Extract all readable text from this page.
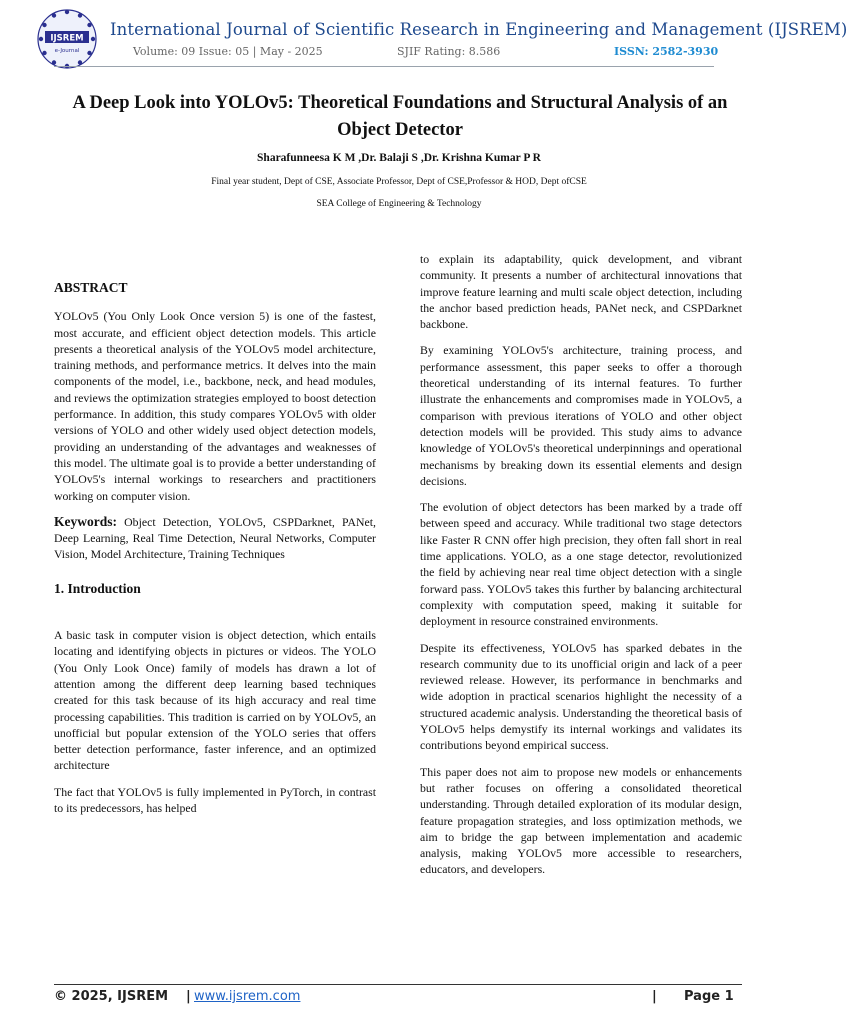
IJSREM
e-Journal
International Journal of Scientific Research in Engineering and Management (IJSREM)
Volume: 09 Issue: 05 | May - 2025	SJIF Rating: 8.586	ISSN: 2582-3930
A Deep Look into YOLOv5: Theoretical Foundations and Structural Analysis of an Object Detector
Sharafunneesa K M ,Dr. Balaji S ,Dr. Krishna Kumar P R
Final year student, Dept of CSE, Associate Professor, Dept of CSE,Professor & HOD, Dept ofCSE
SEA College of Engineering & Technology
ABSTRACT

YOLOv5 (You Only Look Once version 5) is one of the fastest, most accurate, and efficient object detection models. This article presents a theoretical analysis of the YOLOv5 model architecture, training methods, and performance metrics. It delves into the main components of the model, i.e., backbone, neck, and head modules, and reviews the optimization strategies employed to boost detection performance. In addition, this study compares YOLOv5 with older versions of YOLO and other widely used object detection models, providing an understanding of the advantages and weaknesses of this model. The ultimate goal is to provide a better understanding of YOLOv5's internal workings to researchers and practitioners working on computer vision.

Keywords: Object Detection, YOLOv5, CSPDarknet, PANet, Deep Learning, Real Time Detection, Neural Networks, Computer Vision, Model Architecture, Training Techniques

1. Introduction

A basic task in computer vision is object detection, which entails locating and identifying objects in pictures or videos. The YOLO (You Only Look Once) family of models has drawn a lot of attention among the different deep learning based techniques created for this task because of its high accuracy and real time processing capabilities. This tradition is carried on by YOLOv5, an unofficial but popular extension of the YOLO series that offers better detection performance, faster inference, and an optimized architecture

The fact that YOLOv5 is fully implemented in PyTorch, in contrast to its predecessors, has helped

to explain its adaptability, quick development, and vibrant community. It presents a number of architectural innovations that improve feature learning and multi scale object detection, including the anchor based prediction heads, PANet neck, and CSPDarknet backbone.

By examining YOLOv5's architecture, training process, and performance assessment, this paper seeks to offer a thorough theoretical understanding of its internal features. To further illustrate the enhancements and compromises made in YOLOv5, a comparison with previous iterations of YOLO and other object detection models will be provided. This study aims to advance knowledge of YOLOv5's theoretical underpinnings and operational mechanisms by breaking down its essential elements and design decisions.

The evolution of object detectors has been marked by a trade off between speed and accuracy. While traditional two stage detectors like Faster R CNN offer high precision, they often fall short in real time applications. YOLO, as a one stage detector, revolutionized the field by achieving near real time object detection with a single forward pass. YOLOv5 takes this further by balancing architectural complexity with computation speed, making it suitable for deployment in resource constrained environments.

Despite its effectiveness, YOLOv5 has sparked debates in the research community due to its unofficial origin and lack of a peer reviewed release. However, its performance in benchmarks and wide adoption in practical scenarios highlight the necessity of a structured academic analysis. Understanding the theoretical basis of YOLOv5 helps demystify its internal workings and validates its contributions beyond empirical success.

This paper does not aim to propose new models or enhancements but rather focuses on offering a consolidated theoretical understanding. Through detailed exploration of its modular design, feature propagation strategies, and loss optimization methods, we aim to bridge the gap between implementation and academic analysis, making YOLOv5 more accessible to researchers, educators, and developers.

© 2025, IJSREM | www.ijsrem.com	| Page 1
